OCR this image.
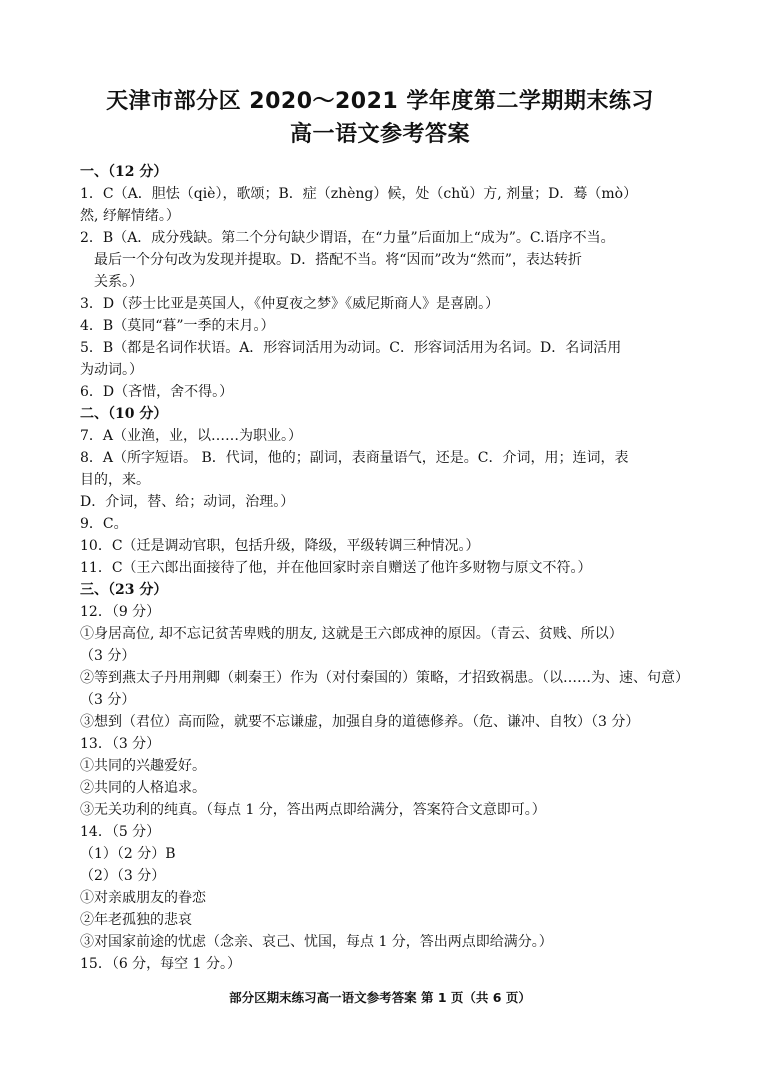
天津市部分区 2020～2021 学年度第二学期期末练习
高一语文参考答案
一、（12 分）
1．C（A．胆怯（qiè），歌颂；B．症（zhèng）候，处（chǔ）方, 剂量；D．蓦（mò）
然, 纾解情绪。）
2．B（A．成分残缺。第二个分句缺少谓语，在“力量”后面加上“成为”。C.语序不当。
最后一个分句改为发现并提取。D．搭配不当。将“因而”改为“然而”，表达转折
关系。）
3．D（莎士比亚是英国人，《仲夏夜之梦》《威尼斯商人》是喜剧。）
4．B（莫同“暮”一季的末月。）
5．B（都是名词作状语。A．形容词活用为动词。C．形容词活用为名词。D．名词活用
为动词。）
6．D（吝惜，舍不得。）
二、（10 分）
7．A（业渔，业，以……为职业。）
8．A（所字短语。 B．代词，他的；副词，表商量语气，还是。C．介词，用；连词，表
目的，来。
D．介词，替、给；动词，治理。）
9．C。
10．C（迁是调动官职，包括升级，降级，平级转调三种情况。）
11．C（王六郎出面接待了他，并在他回家时亲自赠送了他许多财物与原文不符。）
三、（23 分）
12．（9 分）
①身居高位, 却不忘记贫苦卑贱的朋友, 这就是王六郎成神的原因。（青云、贫贱、所以）
（3 分）
②等到燕太子丹用荆卿（刺秦王）作为（对付秦国的）策略，才招致祸患。（以……为、速、句意）
（3 分）
③想到（君位）高而险，就要不忘谦虚，加强自身的道德修养。（危、谦冲、自牧）（3 分）
13．（3 分）
①共同的兴趣爱好。
②共同的人格追求。
③无关功利的纯真。（每点 1 分，答出两点即给满分，答案符合文意即可。）
14．（5 分）
（1）（2 分）B
（2）（3 分）
①对亲戚朋友的眷恋
②年老孤独的悲哀
③对国家前途的忧虑（念亲、哀己、忧国，每点 1 分，答出两点即给满分。）
15．（6 分，每空 1 分。）
部分区期末练习高一语文参考答案 第 1 页（共 6 页）
